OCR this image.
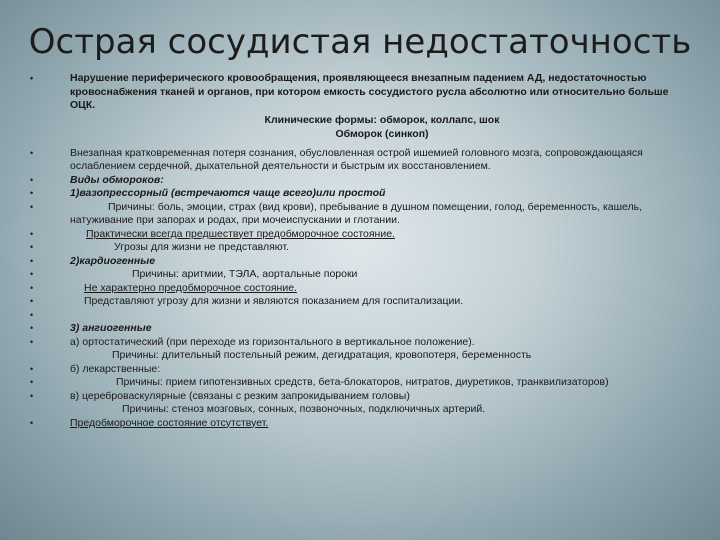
Острая сосудистая недостаточность
•	Нарушение периферического кровообращения, проявляющееся внезапным падением АД, недостаточностью кровоснабжения тканей и органов, при котором емкость сосудистого русла абсолютно или относительно больше ОЦК.
Клинические формы: обморок, коллапс, шок
Обморок (синкоп)
•	Внезапная кратковременная потеря сознания, обусловленная острой ишемией головного мозга, сопровождающаяся ослаблением сердечной, дыхательной деятельности и быстрым их восстановлением.
•	Виды обмороков:
•	1)вазопрессорный (встречаются чаще всего)или простой
•	Причины: боль, эмоции, страх (вид крови), пребывание в душном помещении, голод, беременность, кашель, натуживание при запорах и родах, при мочеиспускании и глотании.
•	Практически всегда предшествует предобморочное состояние.
•	Угрозы для жизни не представляют.
•	2)кардиогенные
•	Причины: аритмии, ТЭЛА, аортальные пороки
•	Не характерно предобморочное состояние.
•	Представляют угрозу для жизни и являются показанием для госпитализации.
•

•	3) ангиогенные
•	а) ортостатический (при переходе из горизонтального в вертикальное положение).
Причины: длительный постельный режим, дегидратация, кровопотеря, беременность
•	б) лекарственные:
•	Причины: прием гипотензивных средств, бета-блокаторов, нитратов, диуретиков, транквилизаторов)
•	в) цереброваскулярные (связаны с резким запрокидыванием головы)
Причины: стеноз мозговых, сонных, позвоночных, подключичных артерий.
•	Предобморочное состояние отсутствует.
